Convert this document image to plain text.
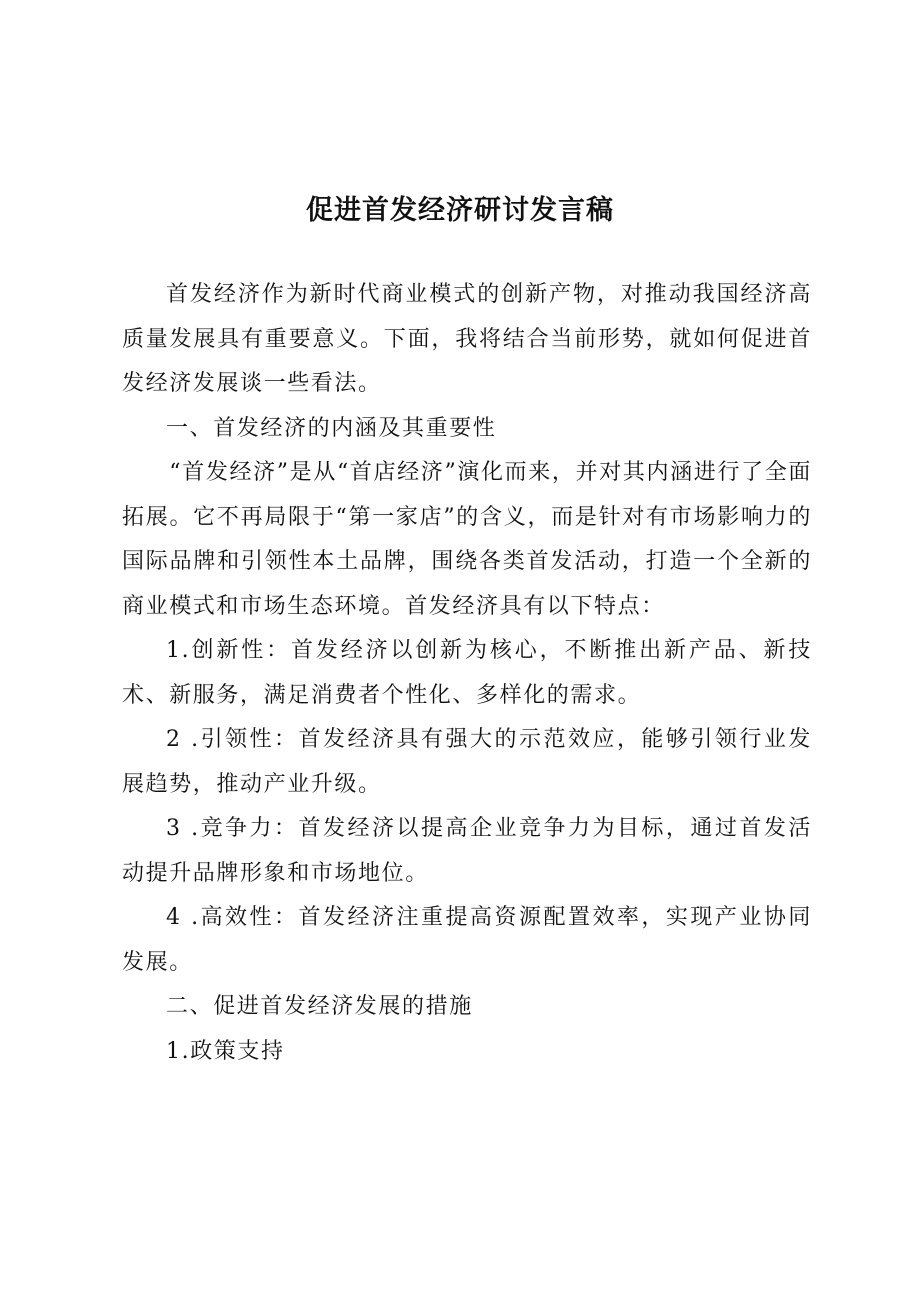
促进首发经济研讨发言稿

首发经济作为新时代商业模式的创新产物，对推动我国经济高质量发展具有重要意义。下面，我将结合当前形势，就如何促进首发经济发展谈一些看法。

一、首发经济的内涵及其重要性

“首发经济”是从“首店经济”演化而来，并对其内涵进行了全面拓展。它不再局限于“第一家店”的含义，而是针对有市场影响力的国际品牌和引领性本土品牌，围绕各类首发活动，打造一个全新的商业模式和市场生态环境。首发经济具有以下特点：

1.创新性：首发经济以创新为核心，不断推出新产品、新技术、新服务，满足消费者个性化、多样化的需求。

2 .引领性：首发经济具有强大的示范效应，能够引领行业发展趋势，推动产业升级。

3 .竞争力：首发经济以提高企业竞争力为目标，通过首发活动提升品牌形象和市场地位。

4 .高效性：首发经济注重提高资源配置效率，实现产业协同发展。

二、促进首发经济发展的措施

1.政策支持
